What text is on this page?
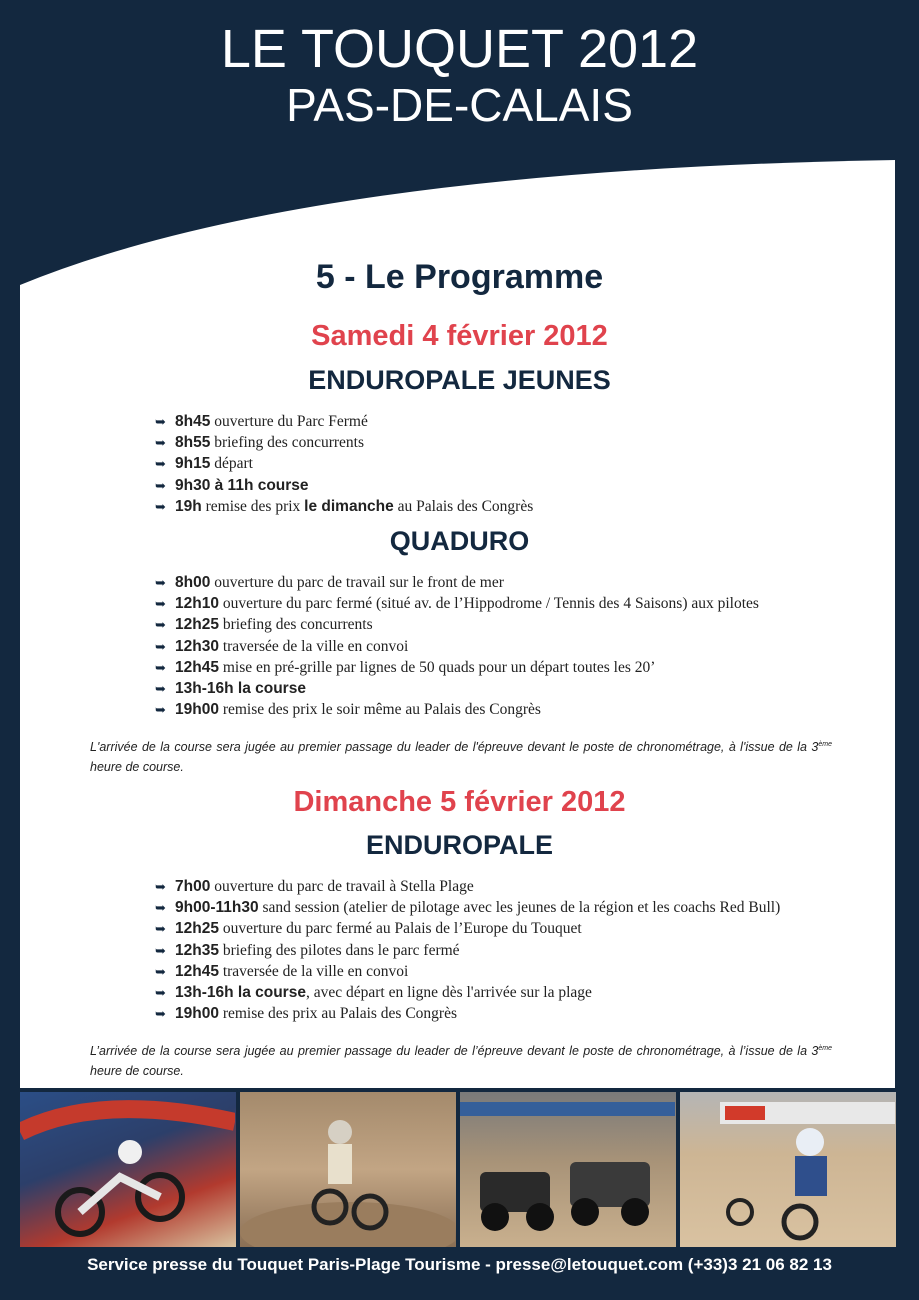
LE TOUQUET 2012
PAS-DE-CALAIS
5 - Le Programme
Samedi 4 février 2012
ENDUROPALE JEUNES
➥ 8h45 ouverture du Parc Fermé
➥ 8h55 briefing des concurrents
➥ 9h15 départ
➥ 9h30 à 11h course
➥ 19h remise des prix le dimanche au Palais des Congrès
QUADURO
➥ 8h00 ouverture du parc de travail sur le front de mer
➥ 12h10 ouverture du parc fermé (situé av. de l’Hippodrome / Tennis des 4 Saisons) aux pilotes
➥ 12h25 briefing des concurrents
➥ 12h30 traversée de la ville en convoi
➥ 12h45 mise en pré-grille par lignes de 50 quads pour un départ toutes les 20’
➥ 13h-16h la course
➥ 19h00 remise des prix le soir même au Palais des Congrès
L'arrivée de la course sera jugée au premier passage du leader de l'épreuve devant le poste de chronométrage, à l'issue de la 3ème heure de course.
Dimanche 5 février 2012
ENDUROPALE
➥ 7h00 ouverture du parc de travail à Stella Plage
➥ 9h00-11h30 sand session (atelier de pilotage avec les jeunes de la région et les coachs Red Bull)
➥ 12h25 ouverture du parc fermé au Palais de l’Europe du Touquet
➥ 12h35 briefing des pilotes dans le parc fermé
➥ 12h45 traversée de la ville en convoi
➥ 13h-16h la course, avec départ en ligne dès l'arrivée sur la plage
➥ 19h00 remise des prix au Palais des Congrès
L’arrivée de la course sera jugée au premier passage du leader de l’épreuve devant le poste de chronométrage, à l’issue de la 3ème heure de course.
Service presse du Touquet Paris-Plage Tourisme - presse@letouquet.com (+33)3 21 06 82 13
